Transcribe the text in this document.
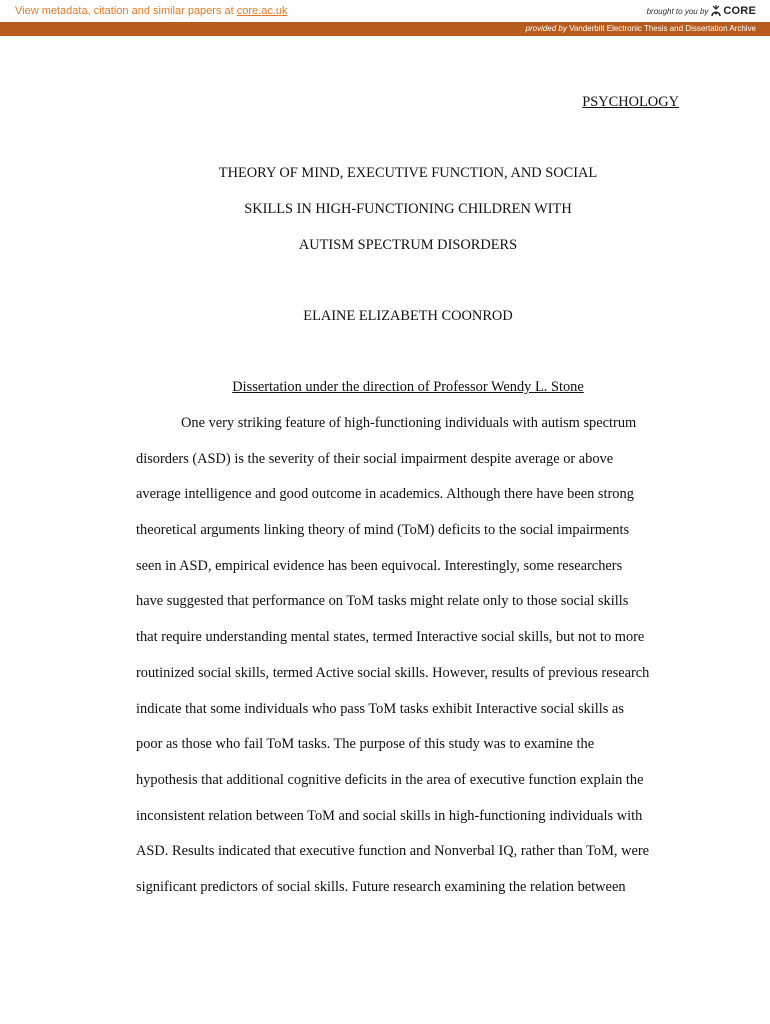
View metadata, citation and similar papers at core.ac.uk	brought to you by CORE
provided by Vanderbilt Electronic Thesis and Dissertation Archive
PSYCHOLOGY
THEORY OF MIND, EXECUTIVE FUNCTION, AND SOCIAL
SKILLS IN HIGH-FUNCTIONING CHILDREN WITH
AUTISM SPECTRUM DISORDERS
ELAINE ELIZABETH COONROD
Dissertation under the direction of Professor Wendy L. Stone
One very striking feature of high-functioning individuals with autism spectrum
disorders (ASD) is the severity of their social impairment despite average or above
average intelligence and good outcome in academics. Although there have been strong
theoretical arguments linking theory of mind (ToM) deficits to the social impairments
seen in ASD, empirical evidence has been equivocal. Interestingly, some researchers
have suggested that performance on ToM tasks might relate only to those social skills
that require understanding mental states, termed Interactive social skills, but not to more
routinized social skills, termed Active social skills. However, results of previous research
indicate that some individuals who pass ToM tasks exhibit Interactive social skills as
poor as those who fail ToM tasks. The purpose of this study was to examine the
hypothesis that additional cognitive deficits in the area of executive function explain the
inconsistent relation between ToM and social skills in high-functioning individuals with
ASD. Results indicated that executive function and Nonverbal IQ, rather than ToM, were
significant predictors of social skills. Future research examining the relation between
